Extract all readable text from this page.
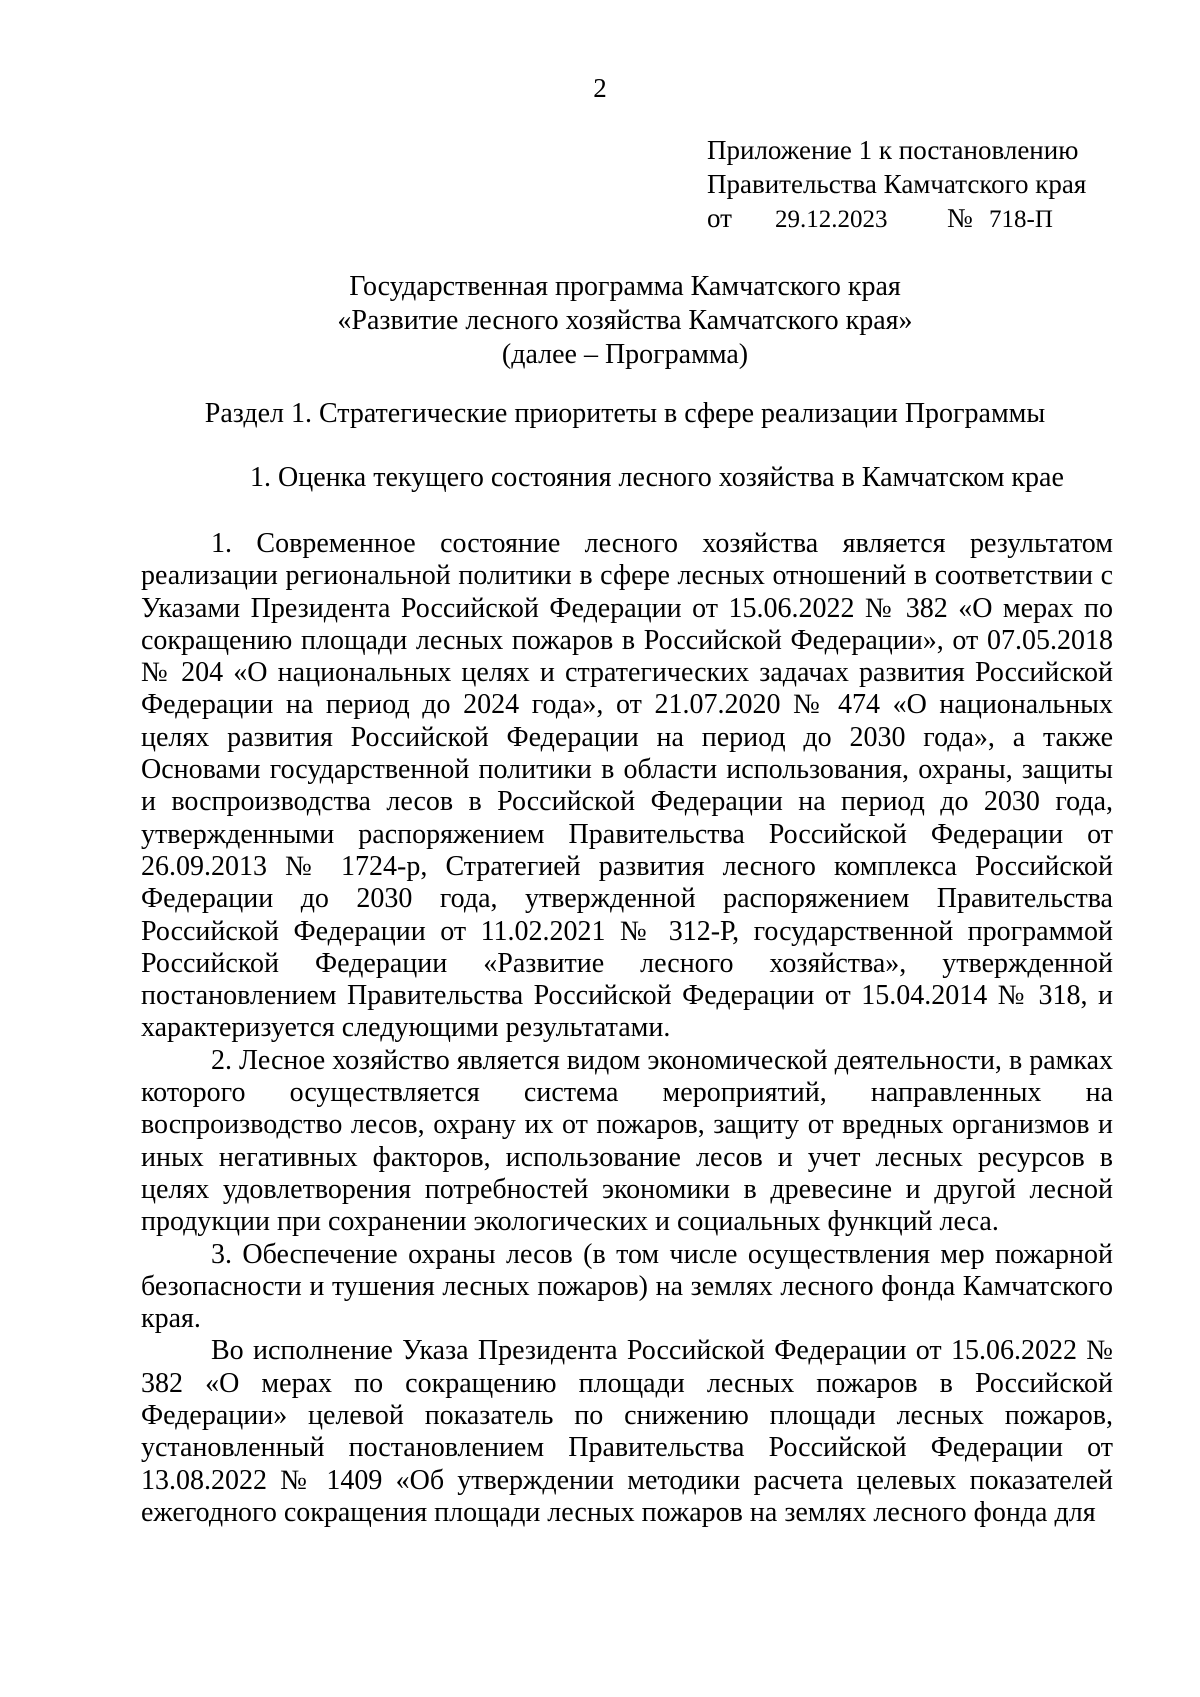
2
Приложение 1 к постановлению
Правительства Камчатского края
от 29.12.2023 № 718-П
Государственная программа Камчатского края
«Развитие лесного хозяйства Камчатского края»
(далее – Программа)
Раздел 1. Стратегические приоритеты в сфере реализации Программы
1. Оценка текущего состояния лесного хозяйства в Камчатском крае

1. Современное состояние лесного хозяйства является результатом реализации региональной политики в сфере лесных отношений в соответствии с Указами Президента Российской Федерации от 15.06.2022 № 382 «О мерах по сокращению площади лесных пожаров в Российской Федерации», от 07.05.2018 № 204 «О национальных целях и стратегических задачах развития Российской Федерации на период до 2024 года», от 21.07.2020 № 474 «О национальных целях развития Российской Федерации на период до 2030 года», а также Основами государственной политики в области использования, охраны, защиты и воспроизводства лесов в Российской Федерации на период до 2030 года, утвержденными распоряжением Правительства Российской Федерации от 26.09.2013 № 1724-р, Стратегией развития лесного комплекса Российской Федерации до 2030 года, утвержденной распоряжением Правительства Российской Федерации от 11.02.2021 № 312-Р, государственной программой Российской Федерации «Развитие лесного хозяйства», утвержденной постановлением Правительства Российской Федерации от 15.04.2014 № 318, и характеризуется следующими результатами.

2. Лесное хозяйство является видом экономической деятельности, в рамках которого осуществляется система мероприятий, направленных на воспроизводство лесов, охрану их от пожаров, защиту от вредных организмов и иных негативных факторов, использование лесов и учет лесных ресурсов в целях удовлетворения потребностей экономики в древесине и другой лесной продукции при сохранении экологических и социальных функций леса.

3. Обеспечение охраны лесов (в том числе осуществления мер пожарной безопасности и тушения лесных пожаров) на землях лесного фонда Камчатского края.

Во исполнение Указа Президента Российской Федерации от 15.06.2022 № 382 «О мерах по сокращению площади лесных пожаров в Российской Федерации» целевой показатель по снижению площади лесных пожаров, установленный постановлением Правительства Российской Федерации от 13.08.2022 № 1409 «Об утверждении методики расчета целевых показателей ежегодного сокращения площади лесных пожаров на землях лесного фонда для
